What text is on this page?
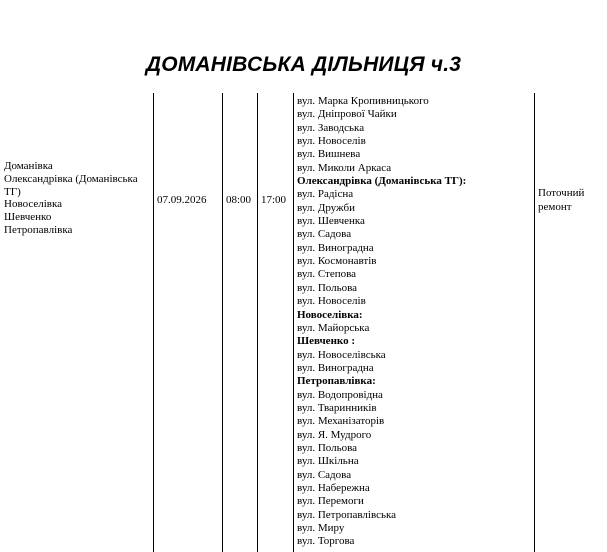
ДОМАНІВСЬКА ДІЛЬНИЦЯ ч.3
Доманівка
Олександрівка (Доманівська ТГ)
Новоселівка
Шевченко
Петропавлівка
07.09.2026 08:00 17:00
вул. Марка Кропивницького
вул. Дніпрової Чайки
вул. Заводська
вул. Новоселів
вул. Вишнева
вул. Миколи Аркаса
Олександрівка (Доманівська ТГ):
вул. Радісна
вул. Дружби
вул. Шевченка
вул. Садова
вул. Виноградна
вул. Космонавтів
вул. Степова
вул. Польова
вул. Новоселів
Новоселівка:
вул. Майорська
Шевченко :
вул. Новоселівська
вул. Виноградна
Петропавлівка:
вул. Водопровідна
вул. Тваринників
вул. Механізаторів
вул. Я. Мудрого
вул. Польова
вул. Шкільна
вул. Садова
вул. Набережна
вул. Перемоги
вул. Петропавлівська
вул. Миру
вул. Торгова
Поточний ремонт
